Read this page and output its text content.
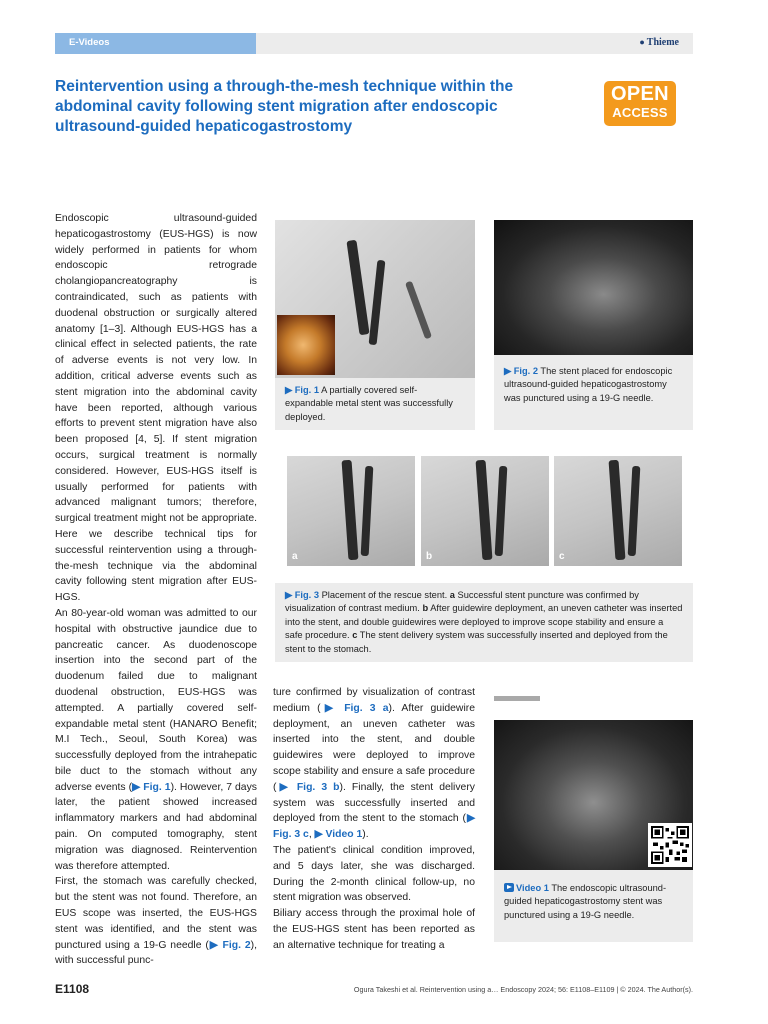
E-Videos	● Thieme
Reintervention using a through-the-mesh technique within the abdominal cavity following stent migration after endoscopic ultrasound-guided hepaticogastrostomy
OPEN
ACCESS

Endoscopic ultrasound-guided hepaticogastrostomy (EUS-HGS) is now widely performed in patients for whom endoscopic retrograde cholangiopancreatography is contraindicated, such as patients with duodenal obstruction or surgically altered anatomy [1–3]. Although EUS-HGS has a clinical effect in selected patients, the rate of adverse events is not very low. In addition, critical adverse events such as stent migration into the abdominal cavity have been reported, although various efforts to prevent stent migration have also been proposed [4, 5]. If stent migration occurs, surgical treatment is normally considered. However, EUS-HGS itself is usually performed for patients with advanced malignant tumors; therefore, surgical treatment might not be appropriate. Here we describe technical tips for successful reintervention using a through-the-mesh technique via the abdominal cavity following stent migration after EUS-HGS.

An 80-year-old woman was admitted to our hospital with obstructive jaundice due to pancreatic cancer. As duodenoscope insertion into the second part of the duodenum failed due to malignant duodenal obstruction, EUS-HGS was attempted. A partially covered self-expandable metal stent (HANARO Benefit; M.I Tech., Seoul, South Korea) was successfully deployed from the intrahepatic bile duct to the stomach without any adverse events (▶ Fig. 1). However, 7 days later, the patient showed increased inflammatory markers and had abdominal pain. On computed tomography, stent migration was diagnosed. Reintervention was therefore attempted.

First, the stomach was carefully checked, but the stent was not found. Therefore, an EUS scope was inserted, the EUS-HGS stent was identified, and the stent was punctured using a 19-G needle (▶ Fig. 2), with successful punc-

ture confirmed by visualization of contrast medium (▶ Fig. 3 a). After guidewire deployment, an uneven catheter was inserted into the stent, and double guidewires were deployed to improve scope stability and ensure a safe procedure (▶ Fig. 3 b). Finally, the stent delivery system was successfully inserted and deployed from the stent to the stomach (▶ Fig. 3 c, ▶ Video 1).

The patient's clinical condition improved, and 5 days later, she was discharged. During the 2-month clinical follow-up, no stent migration was observed.

Biliary access through the proximal hole of the EUS-HGS stent has been reported as an alternative technique for treating a

▶ Fig. 1 A partially covered self-expandable metal stent was successfully deployed.
▶ Fig. 2 The stent placed for endoscopic ultrasound-guided hepaticogastrostomy was punctured using a 19-G needle.
a	b	c
▶ Fig. 3 Placement of the rescue stent. a Successful stent puncture was confirmed by visualization of contrast medium. b After guidewire deployment, an uneven catheter was inserted into the stent, and double guidewires were deployed to improve scope stability and ensure a safe procedure. c The stent delivery system was successfully inserted and deployed from the stent to the stomach.
Video 1 The endoscopic ultrasound-guided hepaticogastrostomy stent was punctured using a 19-G needle.
E1108	Ogura Takeshi et al. Reintervention using a… Endoscopy 2024; 56: E1108–E1109 | © 2024. The Author(s).
